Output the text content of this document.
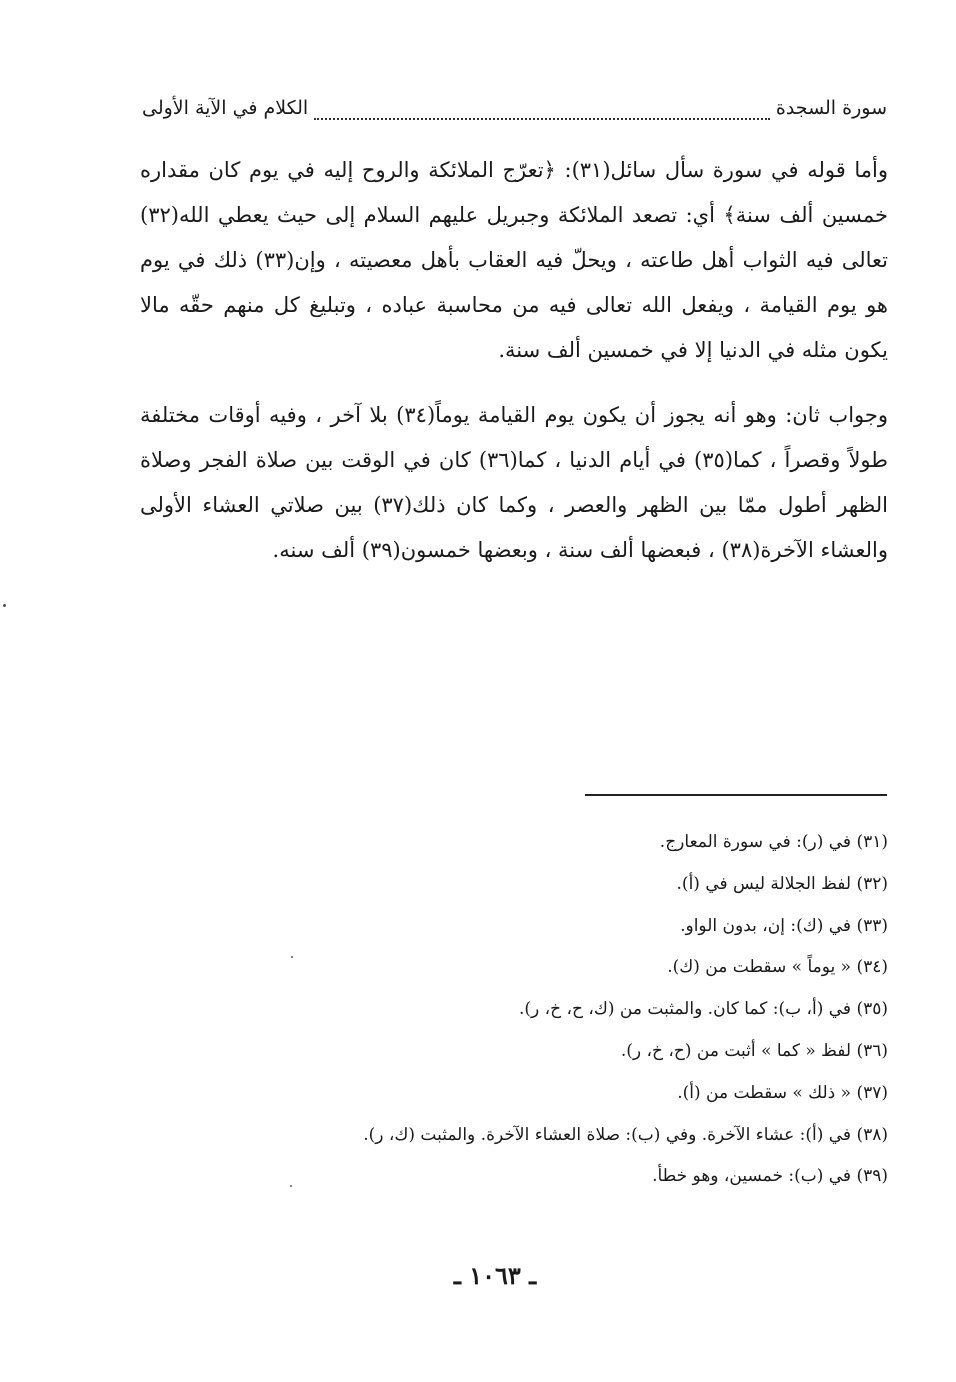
سورة السجدة
الكلام في الآية الأولى

وأما قوله في سورة سأل سائل(٣١): ﴿تعرّج الملائكة والروح إليه في يوم كان مقداره خمسين ألف سنة﴾ أي: تصعد الملائكة وجبريل عليهم السلام إلى حيث يعطي الله(٣٢) تعالى فيه الثواب أهل طاعته ، ويحلّ فيه العقاب بأهل معصيته ، وإن(٣٣) ذلك في يوم هو يوم القيامة ، ويفعل الله تعالى فيه من محاسبة عباده ، وتبليغ كل منهم حقّه مالا يكون مثله في الدنيا إلا في خمسين ألف سنة.

وجواب ثان: وهو أنه يجوز أن يكون يوم القيامة يوماً(٣٤) بلا آخر ، وفيه أوقات مختلفة طولاً وقصراً ، كما(٣٥) في أيام الدنيا ، كما(٣٦) كان في الوقت بين صلاة الفجر وصلاة الظهر أطول ممّا بين الظهر والعصر ، وكما كان ذلك(٣٧) بين صلاتي العشاء الأولى والعشاء الآخرة(٣٨) ، فبعضها ألف سنة ، وبعضها خمسون(٣٩) ألف سنه.

(٣١) في (ر): في سورة المعارج.
(٣٢) لفظ الجلالة ليس في (أ).
(٣٣) في (ك): إن، بدون الواو.
(٣٤) « يوماً » سقطت من (ك).
(٣٥) في (أ، ب): كما كان. والمثبت من (ك، ح، خ، ر).
(٣٦) لفظ « كما » أثبت من (ح، خ، ر).
(٣٧) « ذلك » سقطت من (أ).
(٣٨) في (أ): عشاء الآخرة. وفي (ب): صلاة العشاء الآخرة. والمثبت (ك، ر).
(٣٩) في (ب): خمسين، وهو خطأ.
ـ ١٠٦٣ ـ
